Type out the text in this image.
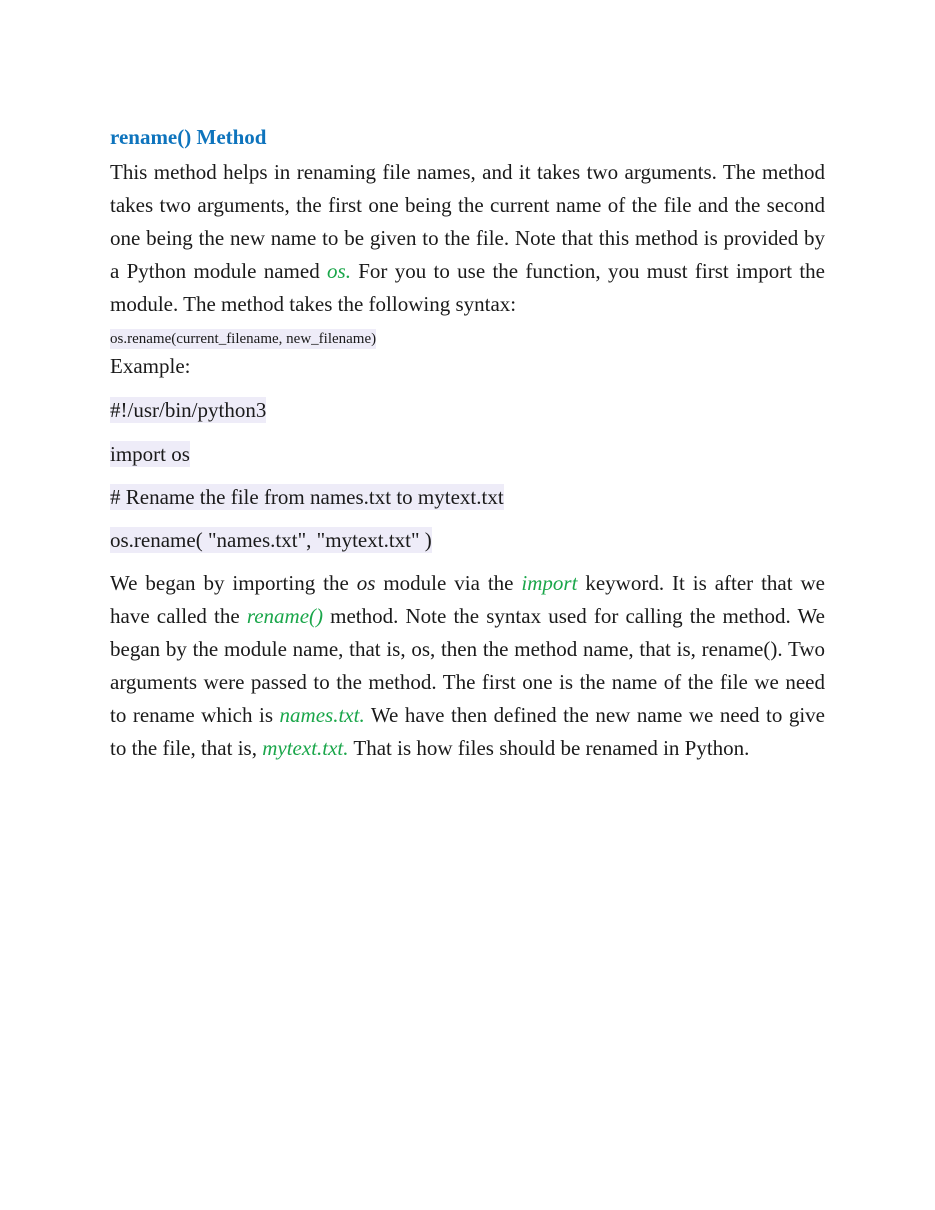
rename() Method

This method helps in renaming file names, and it takes two arguments. The method takes two arguments, the first one being the current name of the file and the second one being the new name to be given to the file. Note that this method is provided by a Python module named os. For you to use the function, you must first import the module. The method takes the following syntax:

os.rename(current_filename, new_filename)
Example:
#!/usr/bin/python3
import os
# Rename the file from names.txt to mytext.txt
os.rename( "names.txt", "mytext.txt" )

We began by importing the os module via the import keyword. It is after that we have called the rename() method. Note the syntax used for calling the method. We began by the module name, that is, os, then the method name, that is, rename(). Two arguments were passed to the method. The first one is the name of the file we need to rename which is names.txt. We have then defined the new name we need to give to the file, that is, mytext.txt. That is how files should be renamed in Python.
